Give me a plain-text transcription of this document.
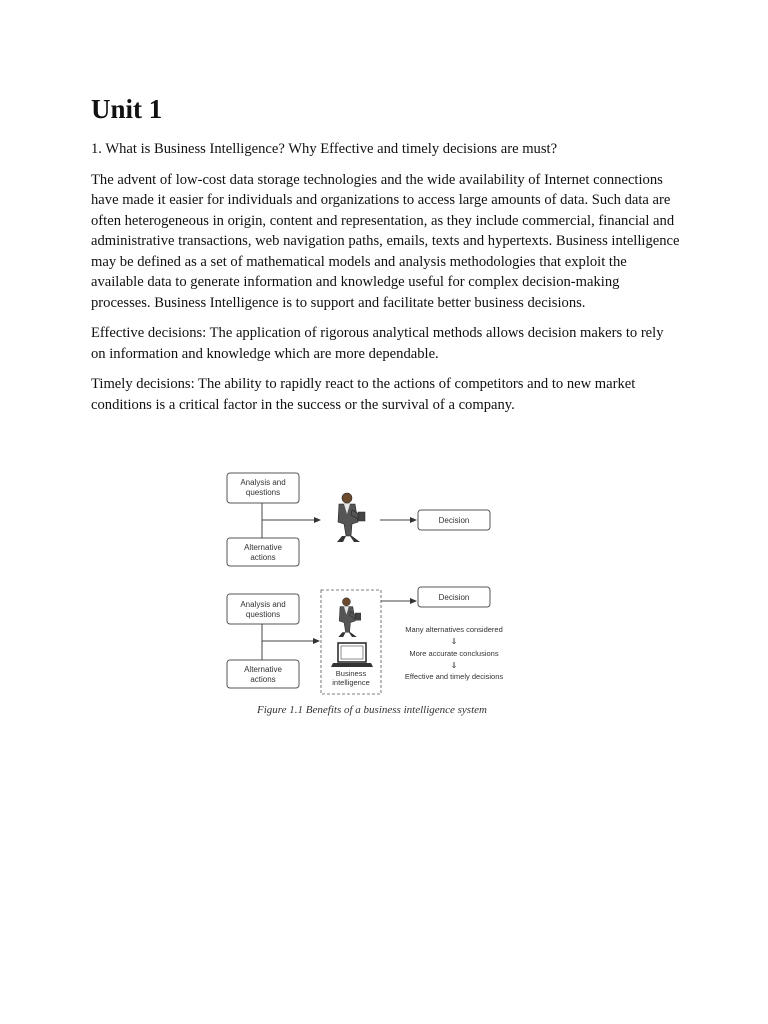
Unit 1

1. What is Business Intelligence? Why Effective and timely decisions are must?

The advent of low-cost data storage technologies and the wide availability of Internet connections have made it easier for individuals and organizations to access large amounts of data. Such data are often heterogeneous in origin, content and representation, as they include commercial, financial and administrative transactions, web navigation paths, emails, texts and hypertexts. Business intelligence may be defined as a set of mathematical models and analysis methodologies that exploit the available data to generate information and knowledge useful for complex decision-making processes. Business Intelligence is to support and facilitate better business decisions.

Effective decisions: The application of rigorous analytical methods allows decision makers to rely on information and knowledge which are more dependable.

Timely decisions: The ability to rapidly react to the actions of competitors and to new market conditions is a critical factor in the success or the survival of a company.

Analysis and
questions
Alternative
actions
Decision
Analysis and
questions
Alternative
actions
Business
intelligence
Decision
Many alternatives considered
⇓
More accurate conclusions
⇓
Effective and timely decisions
Figure 1.1 Benefits of a business intelligence system
